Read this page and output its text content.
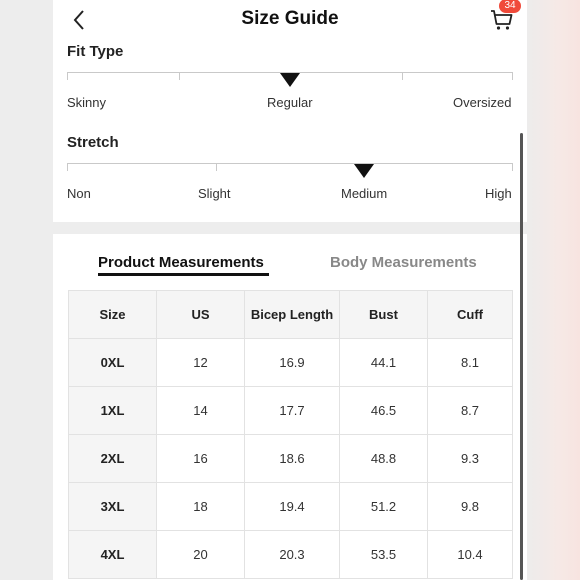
Size Guide
34
Fit Type
Skinny	Regular	Oversized
Stretch
Non	Slight	Medium	High
Product Measurements	Body Measurements
Size	US	Bicep Length	Bust	Cuff
0XL	12	16.9	44.1	8.1
1XL	14	17.7	46.5	8.7
2XL	16	18.6	48.8	9.3
3XL	18	19.4	51.2	9.8
4XL	20	20.3	53.5	10.4
